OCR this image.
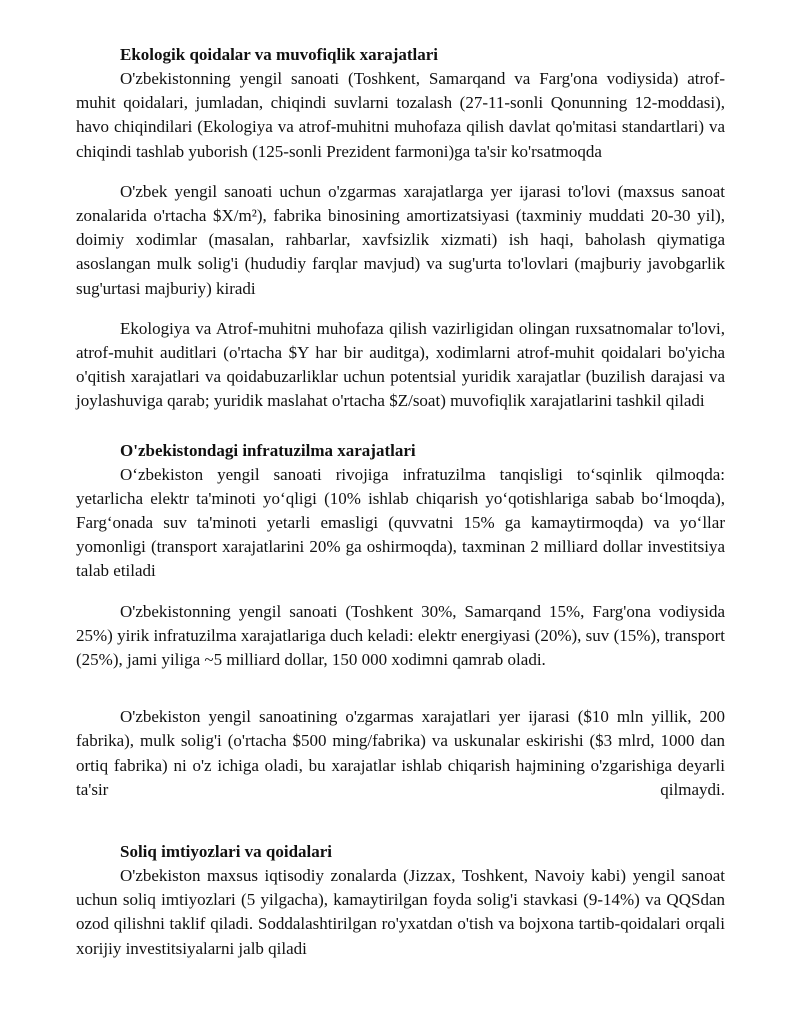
Ekologik qoidalar va muvofiqlik xarajatlari

O'zbekistonning yengil sanoati (Toshkent, Samarqand va Farg'ona vodiysida) atrof-muhit qoidalari, jumladan, chiqindi suvlarni tozalash (27-11-sonli Qonunning 12-moddasi), havo chiqindilari (Ekologiya va atrof-muhitni muhofaza qilish davlat qo'mitasi standartlari) va chiqindi tashlab yuborish (125-sonli Prezident farmoni)ga ta'sir ko'rsatmoqda

O'zbek yengil sanoati uchun o'zgarmas xarajatlarga yer ijarasi to'lovi (maxsus sanoat zonalarida o'rtacha $X/m²), fabrika binosining amortizatsiyasi (taxminiy muddati 20-30 yil), doimiy xodimlar (masalan, rahbarlar, xavfsizlik xizmati) ish haqi, baholash qiymatiga asoslangan mulk solig'i (hududiy farqlar mavjud) va sug'urta to'lovlari (majburiy javobgarlik sug'urtasi majburiy) kiradi

Ekologiya va Atrof-muhitni muhofaza qilish vazirligidan olingan ruxsatnomalar to'lovi, atrof-muhit auditlari (o'rtacha $Y har bir auditga), xodimlarni atrof-muhit qoidalari bo'yicha o'qitish xarajatlari va qoidabuzarliklar uchun potentsial yuridik xarajatlar (buzilish darajasi va joylashuviga qarab; yuridik maslahat o'rtacha $Z/soat) muvofiqlik xarajatlarini tashkil qiladi

O'zbekistondagi infratuzilma xarajatlari

O‘zbekiston yengil sanoati rivojiga infratuzilma tanqisligi to‘sqinlik qilmoqda: yetarlicha elektr ta'minoti yo‘qligi (10% ishlab chiqarish yo‘qotishlariga sabab bo‘lmoqda), Farg‘onada suv ta'minoti yetarli emasligi (quvvatni 15% ga kamaytirmoqda) va yo‘llar yomonligi (transport xarajatlarini 20% ga oshirmoqda), taxminan 2 milliard dollar investitsiya talab etiladi

O'zbekistonning yengil sanoati (Toshkent 30%, Samarqand 15%, Farg'ona vodiysida 25%) yirik infratuzilma xarajatlariga duch keladi: elektr energiyasi (20%), suv (15%), transport (25%), jami yiliga ~5 milliard dollar, 150 000 xodimni qamrab oladi.

O'zbekiston yengil sanoatining o'zgarmas xarajatlari yer ijarasi ($10 mln yillik, 200 fabrika), mulk solig'i (o'rtacha $500 ming/fabrika) va uskunalar eskirishi ($3 mlrd, 1000 dan ortiq fabrika) ni o'z ichiga oladi, bu xarajatlar ishlab chiqarish hajmining o'zgarishiga deyarli ta'sir qilmaydi.

Soliq imtiyozlari va qoidalari

O'zbekiston maxsus iqtisodiy zonalarda (Jizzax, Toshkent, Navoiy kabi) yengil sanoat uchun soliq imtiyozlari (5 yilgacha), kamaytirilgan foyda solig'i stavkasi (9-14%) va QQSdan ozod qilishni taklif qiladi. Soddalashtirilgan ro'yxatdan o'tish va bojxona tartib-qoidalari orqali xorijiy investitsiyalarni jalb qiladi
